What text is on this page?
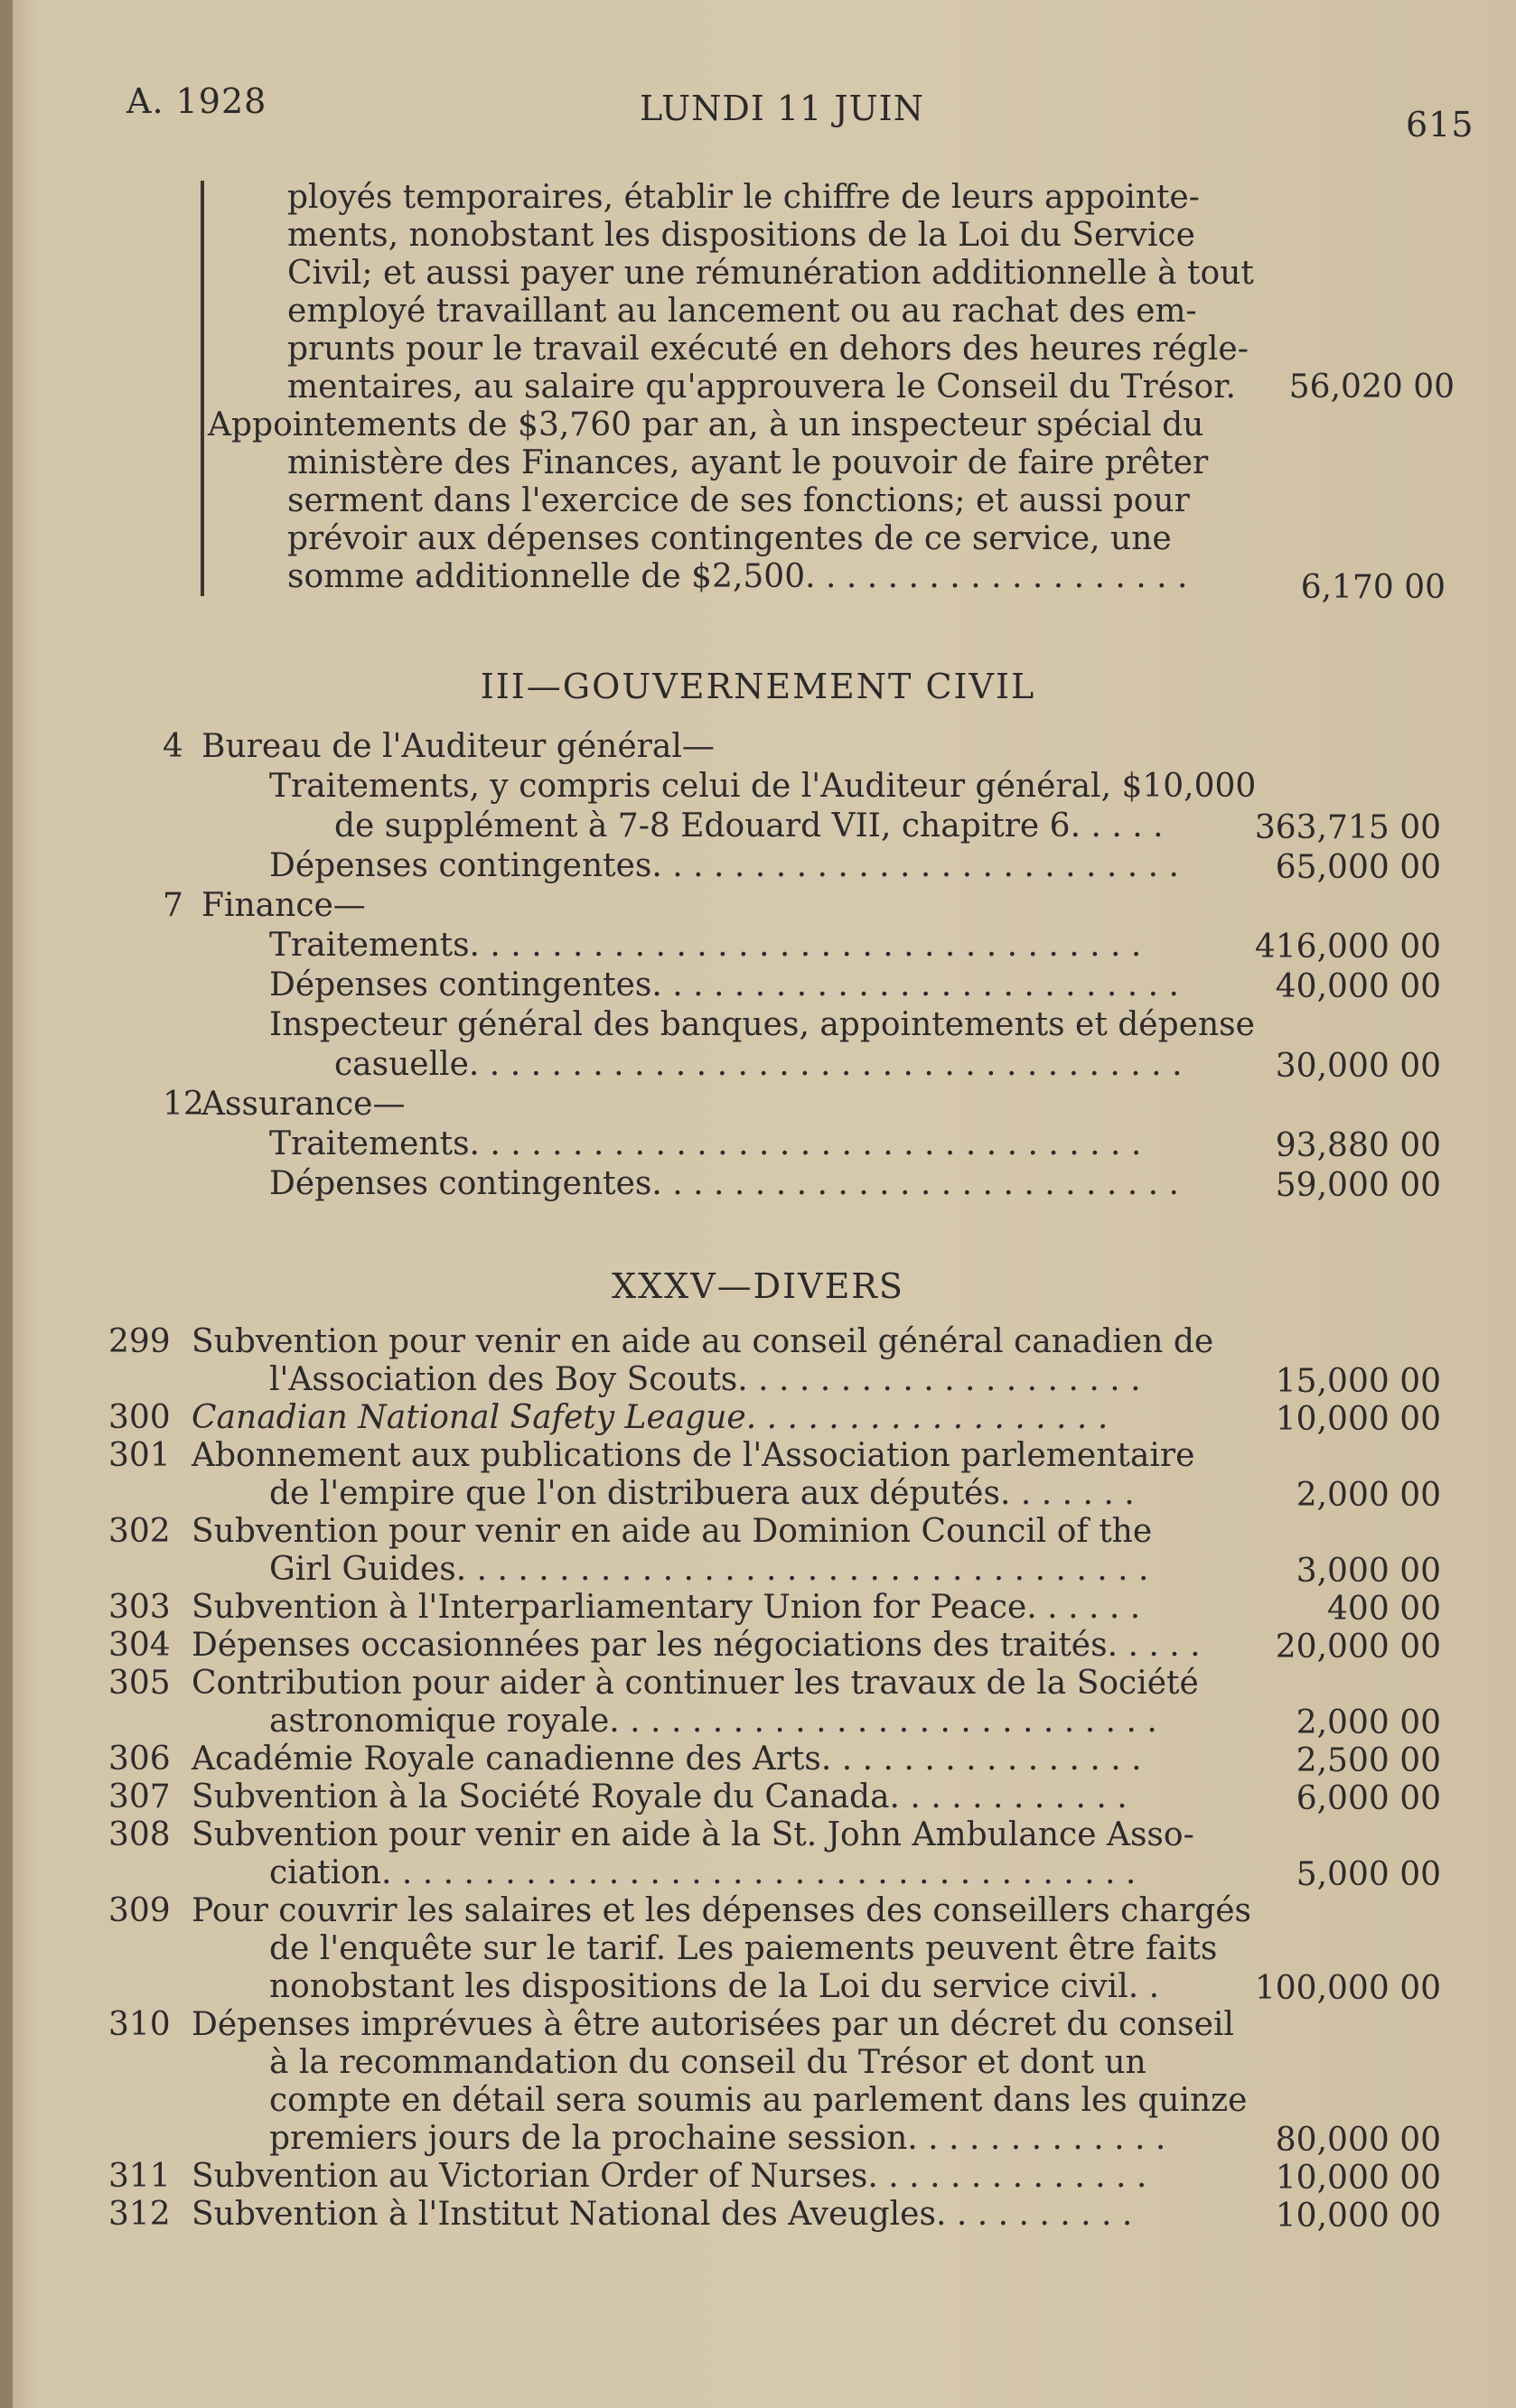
A. 1928	LUNDI 11 JUIN	615
ployés temporaires, établir le chiffre de leurs appointe-
ments, nonobstant les dispositions de la Loi du Service
Civil; et aussi payer une rémunération additionnelle à tout
employé travaillant au lancement ou au rachat des em-
prunts pour le travail exécuté en dehors des heures régle-
mentaires, au salaire qu'approuvera le Conseil du Trésor.	56,020 00
Appointements de $3,760 par an, à un inspecteur spécial du
ministère des Finances, ayant le pouvoir de faire prêter
serment dans l'exercice de ses fonctions; et aussi pour
prévoir aux dépenses contingentes de ce service, une
somme additionnelle de $2,500. . . . . . . . . . . . . . . . . . .	6,170 00
III—GOUVERNEMENT CIVIL
4 Bureau de l'Auditeur général—
Traitements, y compris celui de l'Auditeur général, $10,000
de supplément à 7-8 Edouard VII, chapitre 6. . . . .	363,715 00
Dépenses contingentes. . . . . . . . . . . . . . . . . . . . . . . . . .	65,000 00
7 Finance—
Traitements. . . . . . . . . . . . . . . . . . . . . . . . . . . . . . . . .	416,000 00
Dépenses contingentes. . . . . . . . . . . . . . . . . . . . . . . . . .	40,000 00
Inspecteur général des banques, appointements et dépense
casuelle. . . . . . . . . . . . . . . . . . . . . . . . . . . . . . . . . . .	30,000 00
12
Assurance—
Traitements. . . . . . . . . . . . . . . . . . . . . . . . . . . . . . . . .	93,880 00
Dépenses contingentes. . . . . . . . . . . . . . . . . . . . . . . . . .	59,000 00
XXXV—DIVERS
299 Subvention pour venir en aide au conseil général canadien de
l'Association des Boy Scouts. . . . . . . . . . . . . . . . . . . .	15,000 00
300 Canadian National Safety League. . . . . . . . . . . . . . . . . .	10,000 00
301 Abonnement aux publications de l'Association parlementaire
de l'empire que l'on distribuera aux députés. . . . . . .	2,000 00
302 Subvention pour venir en aide au Dominion Council of the
Girl Guides. . . . . . . . . . . . . . . . . . . . . . . . . . . . . . . . . .	3,000 00
303 Subvention à l'Interparliamentary Union for Peace. . . . . .	400 00
304 Dépenses occasionnées par les négociations des traités. . . . .	20,000 00
305 Contribution pour aider à continuer les travaux de la Société
astronomique royale. . . . . . . . . . . . . . . . . . . . . . . . . . .	2,000 00
306 Académie Royale canadienne des Arts. . . . . . . . . . . . . . . .	2,500 00
307 Subvention à la Société Royale du Canada. . . . . . . . . . . .	6,000 00
308 Subvention pour venir en aide à la St. John Ambulance Asso-
ciation. . . . . . . . . . . . . . . . . . . . . . . . . . . . . . . . . . . . .	5,000 00
309 Pour couvrir les salaires et les dépenses des conseillers chargés
de l'enquête sur le tarif. Les paiements peuvent être faits
nonobstant les dispositions de la Loi du service civil. .	100,000 00
310 Dépenses imprévues à être autorisées par un décret du conseil
à la recommandation du conseil du Trésor et dont un
compte en détail sera soumis au parlement dans les quinze
premiers jours de la prochaine session. . . . . . . . . . . . .	80,000 00
311 Subvention au Victorian Order of Nurses. . . . . . . . . . . . . .	10,000 00
312 Subvention à l'Institut National des Aveugles. . . . . . . . . .	10,000 00
